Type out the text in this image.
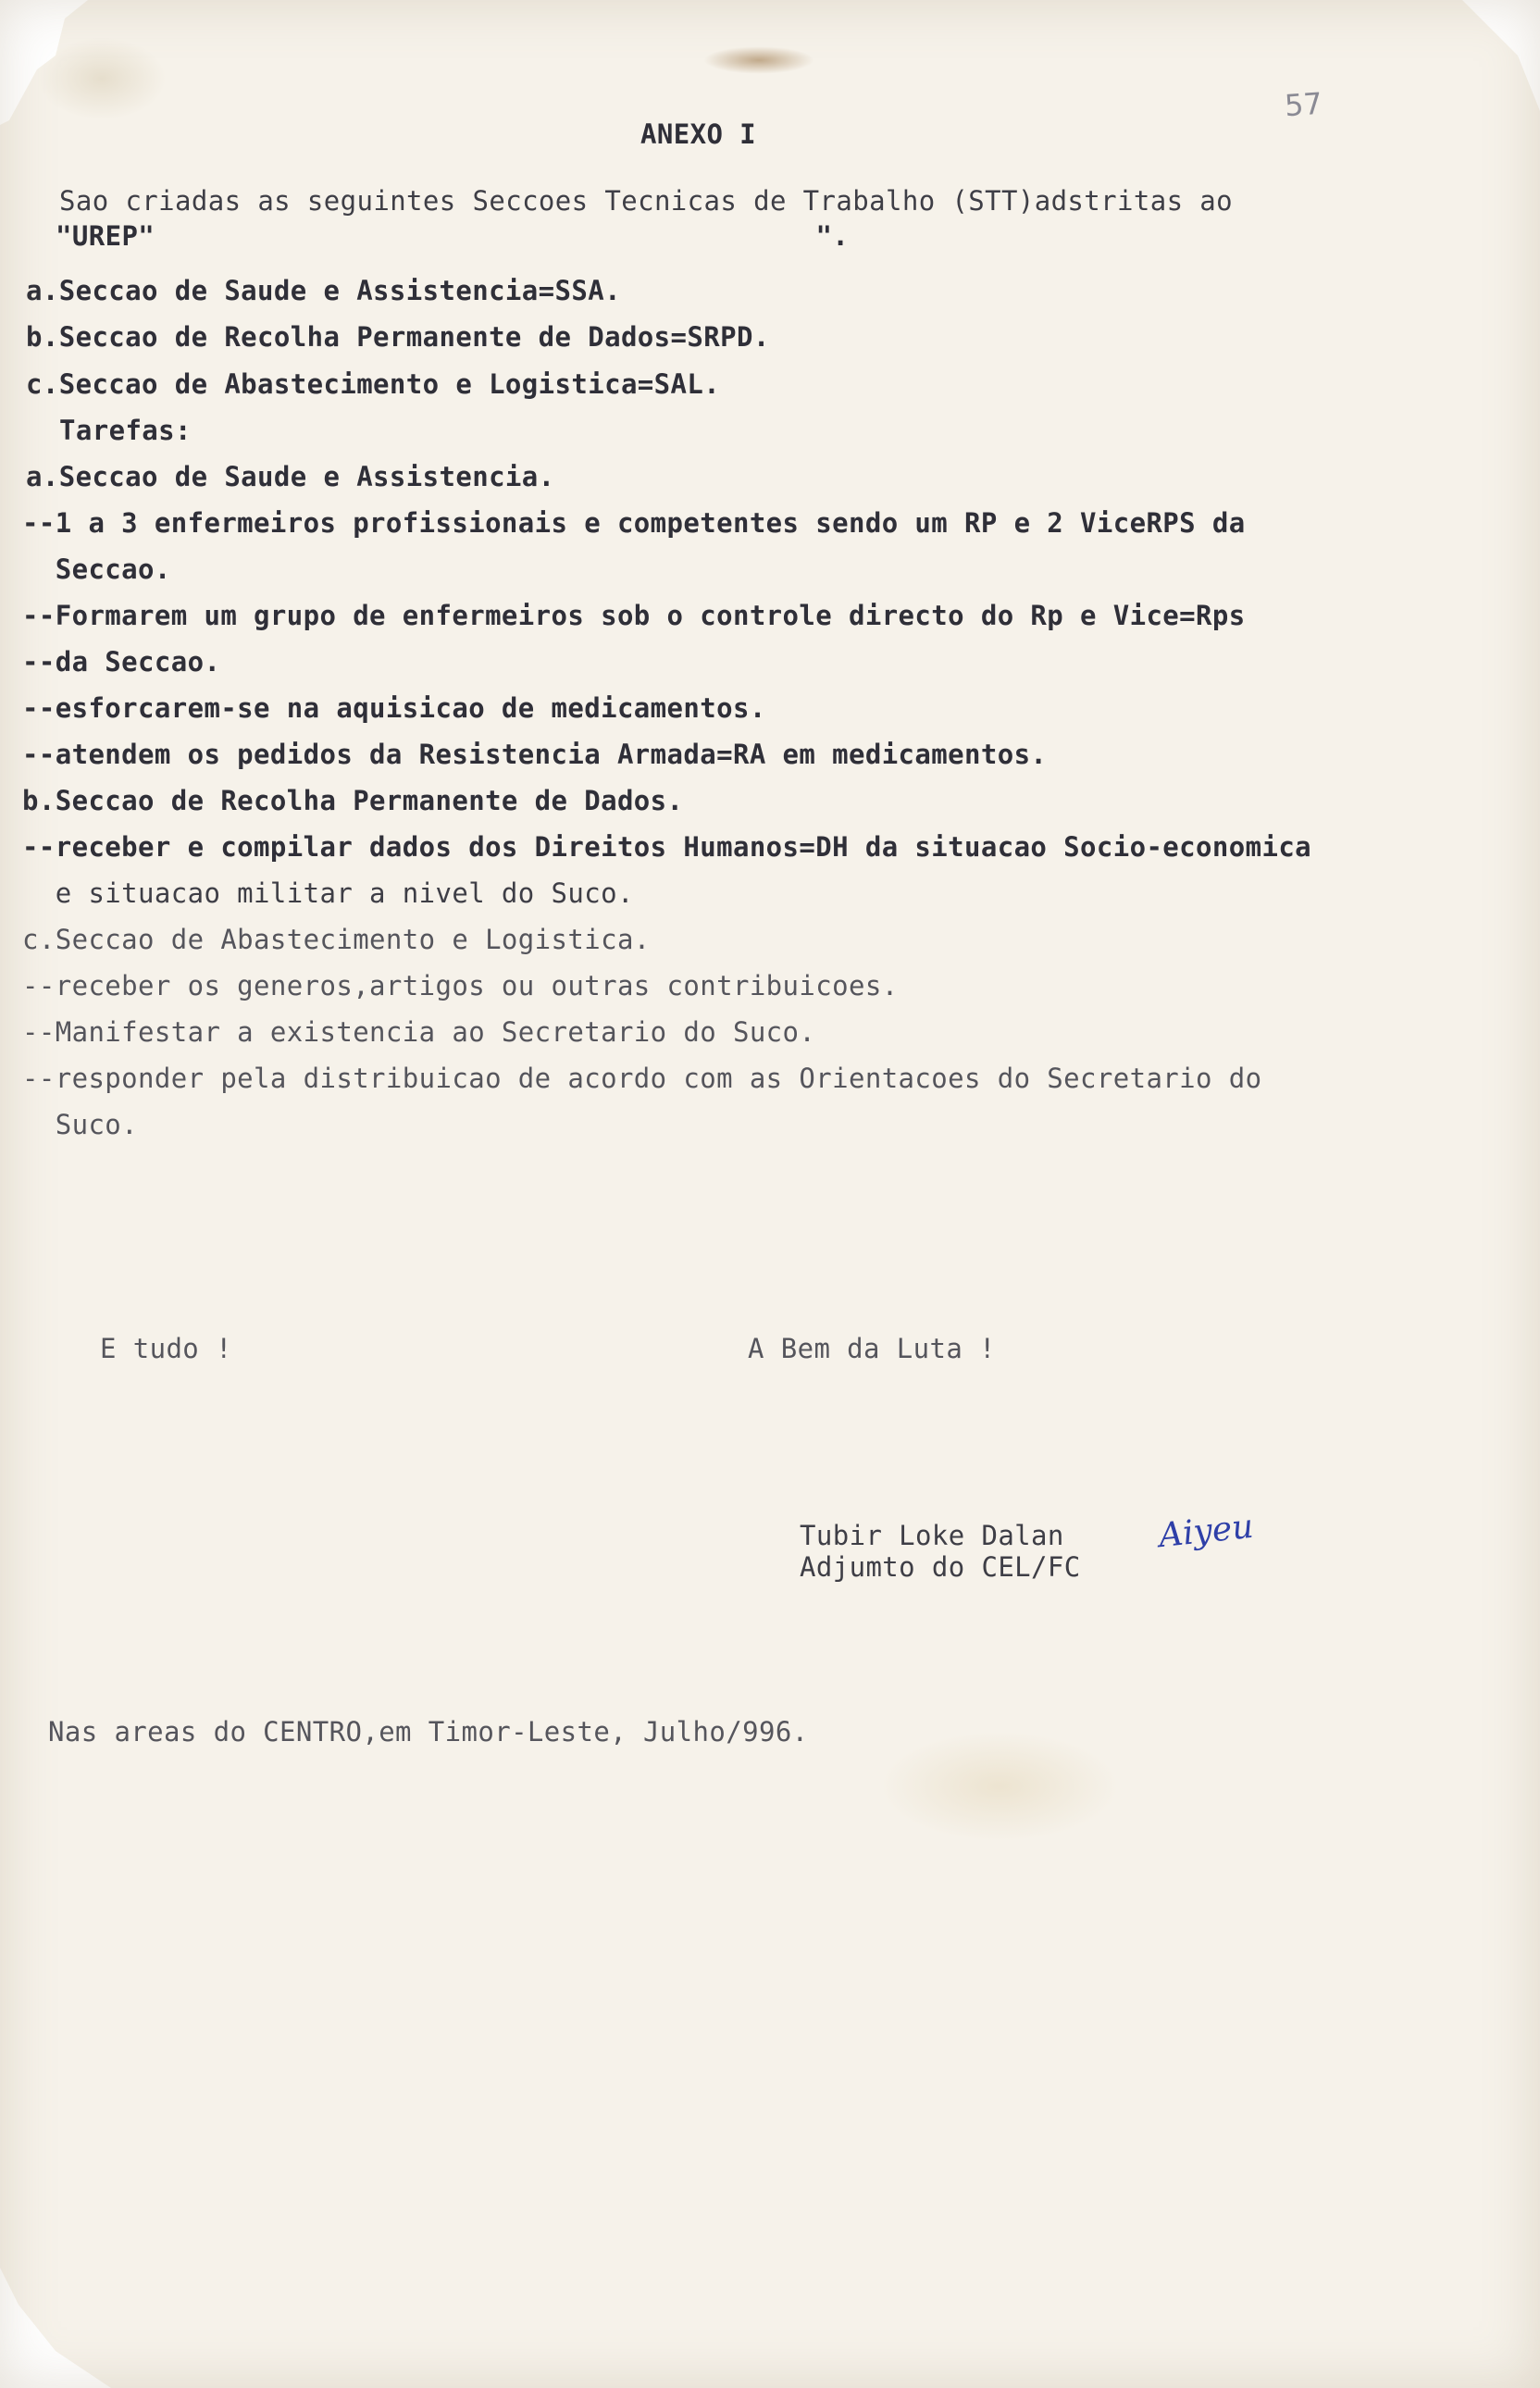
57

ANEXO I

Sao criadas as seguintes Seccoes Tecnicas de Trabalho (STT)adstritas ao

"UREP"                                        ".

a.Seccao de Saude e Assistencia=SSA.

b.Seccao de Recolha Permanente de Dados=SRPD.

c.Seccao de Abastecimento e Logistica=SAL.

Tarefas:

a.Seccao de Saude e Assistencia.

--1 a 3 enfermeiros profissionais e competentes sendo um RP e 2 ViceRPS da

Seccao.

--Formarem um grupo de enfermeiros sob o controle directo do Rp e Vice=Rps

--da Seccao.

--esforcarem-se na aquisicao de medicamentos.

--atendem os pedidos da Resistencia Armada=RA em medicamentos.

b.Seccao de Recolha Permanente de Dados.

--receber e compilar dados dos Direitos Humanos=DH da situacao Socio-economica

e situacao militar a nivel do Suco.

c.Seccao de Abastecimento e Logistica.

--receber os generos,artigos ou outras contribuicoes.

--Manifestar a existencia ao Secretario do Suco.

--responder pela distribuicao de acordo com as Orientacoes do Secretario do

Suco.

E tudo !	A Bem da Luta !

Tubir Loke Dalan

Adjumto do CEL/FC

Aiyeu

Nas areas do CENTRO,em Timor-Leste, Julho/996.
